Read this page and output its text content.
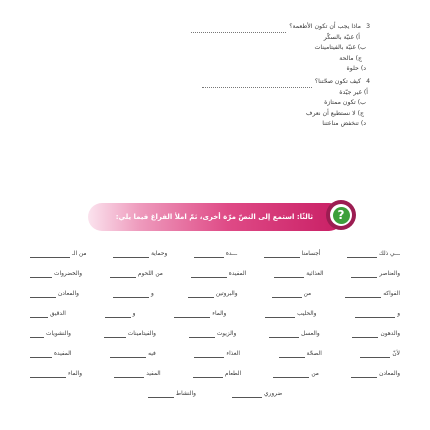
3
ماذا يجب أن تكون الأطعمة؟
أ) غنيّة بالسكّر
ب) غنيّة بالفيتامينات
ج) مالحة
د) حلوة
4
كيف تكون صحّتنا؟
أ) غير جيّدة
ب) تكون ممتازة
ج) لا نستطيع أن نعرف
د) تنخفض مناعتنا
ثالثًا: استمع إلى النصّ مرّة أخرى، ثمّ املأ الفراغ فيما يلي:	?
ـــي ذلك
أجسامنا
ـــدة
وحماية
من الـ
والعناصر
الغذائية
المفيدة
من اللحوم
والخضروات
الفواكه
من
والبروتين
و
والمعادن
و
والحليب
والماء
و
الدقيق
والدهون
والعسل
والزيوت
والفيتامينات
والنشويات
لأنّ
الصحّة
الغذاء
فيه
المفيدة
والمعادن
من
الطعام
المفيد
والماء
ضروري
والنشاط
